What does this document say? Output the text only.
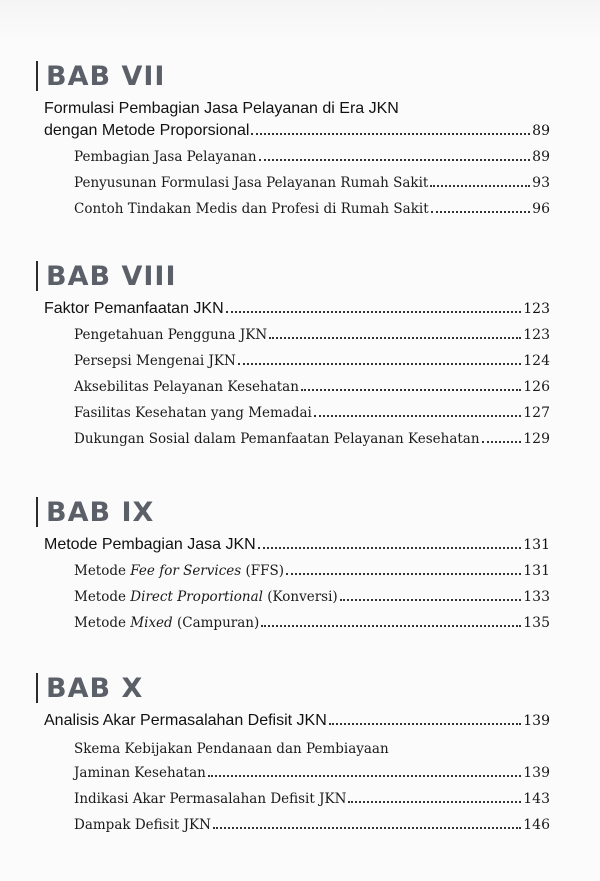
BAB VII
Formulasi Pembagian Jasa Pelayanan di Era JKN
dengan Metode Proporsional	89
Pembagian Jasa Pelayanan	89
Penyusunan Formulasi Jasa Pelayanan Rumah Sakit	93
Contoh Tindakan Medis dan Profesi di Rumah Sakit	96
BAB VIII
Faktor Pemanfaatan JKN	123
Pengetahuan Pengguna JKN	123
Persepsi Mengenai JKN	124
Aksebilitas Pelayanan Kesehatan	126
Fasilitas Kesehatan yang Memadai	127
Dukungan Sosial dalam Pemanfaatan Pelayanan Kesehatan	129
BAB IX
Metode Pembagian Jasa JKN	131
Metode Fee for Services (FFS)	131
Metode Direct Proportional (Konversi)	133
Metode Mixed (Campuran)	135
BAB X
Analisis Akar Permasalahan Defisit JKN	139
Skema Kebijakan Pendanaan dan Pembiayaan
Jaminan Kesehatan	139
Indikasi Akar Permasalahan Defisit JKN	143
Dampak Defisit JKN	146
